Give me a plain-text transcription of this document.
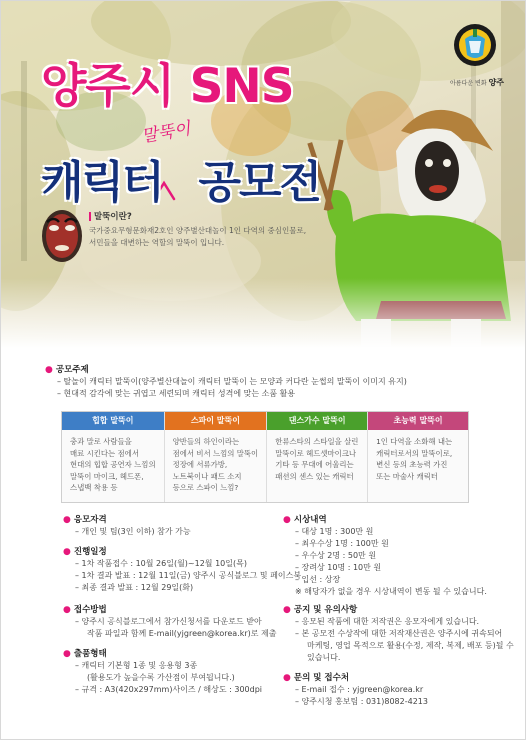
아름다운 변화 양주
양주시 SNS
말뚝이
캐릭터 공모전
말뚝이란?
국가중요무형문화재2호인 양주별산대놀이 1인 다역의 중심인물로,
서민들을 대변하는 역할의 말뚝이 입니다.
● 공모주제
– 탈놀이 캐릭터 말뚝이(양주별산대놀이 캐릭터 말뚝이 는 모양과 커다란 눈썹의 말뚝이 이미지 유지)
– 현대적 감각에 맞는 귀엽고 세련되며 캐릭터 성격에 맞는 소품 활용
힙합 말뚝이
충과 말로 사람들을
매료 시킨다는 점에서
현대의 힙합 공연자 느낌의
말뚝이 마이크, 헤드폰,
스냅백 착용 등
스파이 말뚝이
양반들의 하인이라는
점에서 비서 느낌의 말뚝이
정장에 서류가방,
노트북이나 패드 소지
등으로 스파이 느낌?
댄스가수 말뚝이
한류스타의 스타일을 살린
말뚝이로 헤드셋마이크나
기타 등 무대에 어울리는
패션의 센스 있는 캐릭터
초능력 말뚝이
1인 다역을 소화해 내는
캐릭터로서의 말뚝이로,
변신 등의 초능력 가진
또는 마술사 캐릭터
● 응모자격
– 개인 및 팀(3인 이하) 참가 가능
● 진행일정
– 1차 작품접수 : 10월 26일(월)~12월 10일(목)
– 1차 결과 발표 : 12월 11일(금) 양주시 공식블로그 및 페이스북
– 최종 결과 발표 : 12월 29일(화)
● 접수방법
– 양주시 공식블로그에서 참가신청서를 다운로드 받아
작품 파일과 함께 E-mail(yjgreen@korea.kr)로 제출
● 출품형태
– 캐릭터 기본형 1종 및 응용형 3종
(활용도가 높을수록 가산점이 부여됩니다.)
– 규격 : A3(420x297mm)사이즈 / 해상도 : 300dpi
● 시상내역
– 대상 1명 : 300만 원
– 최우수상 1명 : 100만 원
– 우수상 2명 : 50만 원
– 장려상 10명 : 10만 원
– 입선 : 상장
※ 해당자가 없을 경우 시상내역이 변동 될 수 있습니다.
● 공지 및 유의사항
– 응모된 작품에 대한 저작권은 응모자에게 있습니다.
– 본 공모전 수상작에 대한 저작재산권은 양주시에 귀속되어
마케팅, 영업 목적으로 활용(수정, 제작, 복제, 배포 등)될 수
있습니다.
● 문의 및 접수처
– E-mail 접수 : yjgreen@korea.kr
– 양주시청 홍보팀 : 031)8082-4213
